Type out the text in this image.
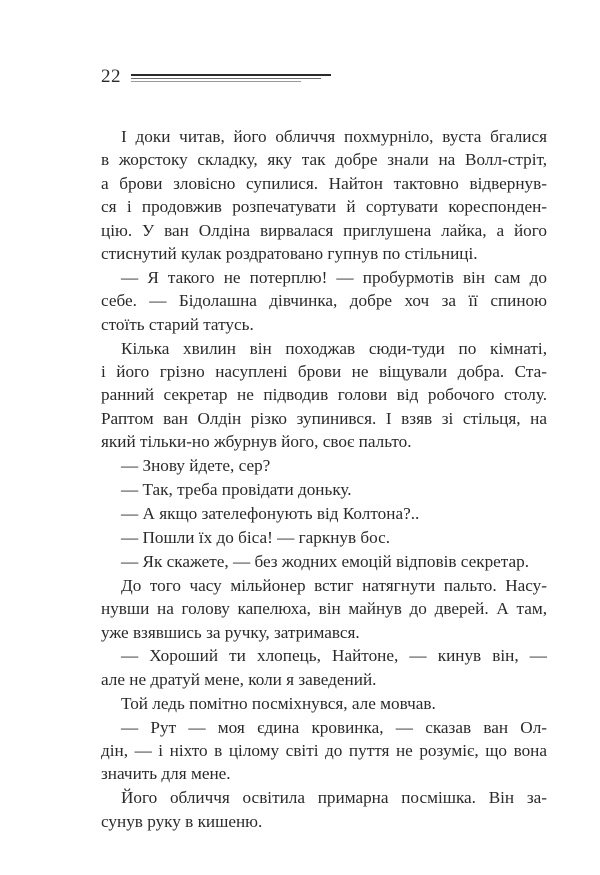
22

І доки читав, його обличчя похмурніло, вуста бгалися
в жорстоку складку, яку так добре знали на Волл-стріт,
а брови зловісно супилися. Найтон тактовно відвернув-
ся і продовжив розпечатувати й сортувати кореспонден-
цію. У ван Олдіна вирвалася приглушена лайка, а його
стиснутий кулак роздратовано гупнув по стільниці.

— Я такого не потерплю! — пробурмотів він сам до
себе. — Бідолашна дівчинка, добре хоч за її спиною
стоїть старий татусь.

Кілька хвилин він походжав сюди-туди по кімнаті,
і його грізно насуплені брови не віщували добра. Ста-
ранний секретар не підводив голови від робочого столу.
Раптом ван Олдін різко зупинився. І взяв зі стільця, на
який тільки-но жбурнув його, своє пальто.

— Знову йдете, сер?

— Так, треба провідати доньку.

— А якщо зателефонують від Колтона?..

— Пошли їх до біса! — гаркнув бос.

— Як скажете, — без жодних емоцій відповів секретар.

До того часу мільйонер встиг натягнути пальто. Насу-
нувши на голову капелюха, він майнув до дверей. А там,
уже взявшись за ручку, затримався.

— Хороший ти хлопець, Найтоне, — кинув він, —
але не дратуй мене, коли я заведений.

Той ледь помітно посміхнувся, але мовчав.

— Рут — моя єдина кровинка, — сказав ван Ол-
дін, — і ніхто в цілому світі до пуття не розуміє, що вона
значить для мене.

Його обличчя освітила примарна посмішка. Він за-
сунув руку в кишеню.
